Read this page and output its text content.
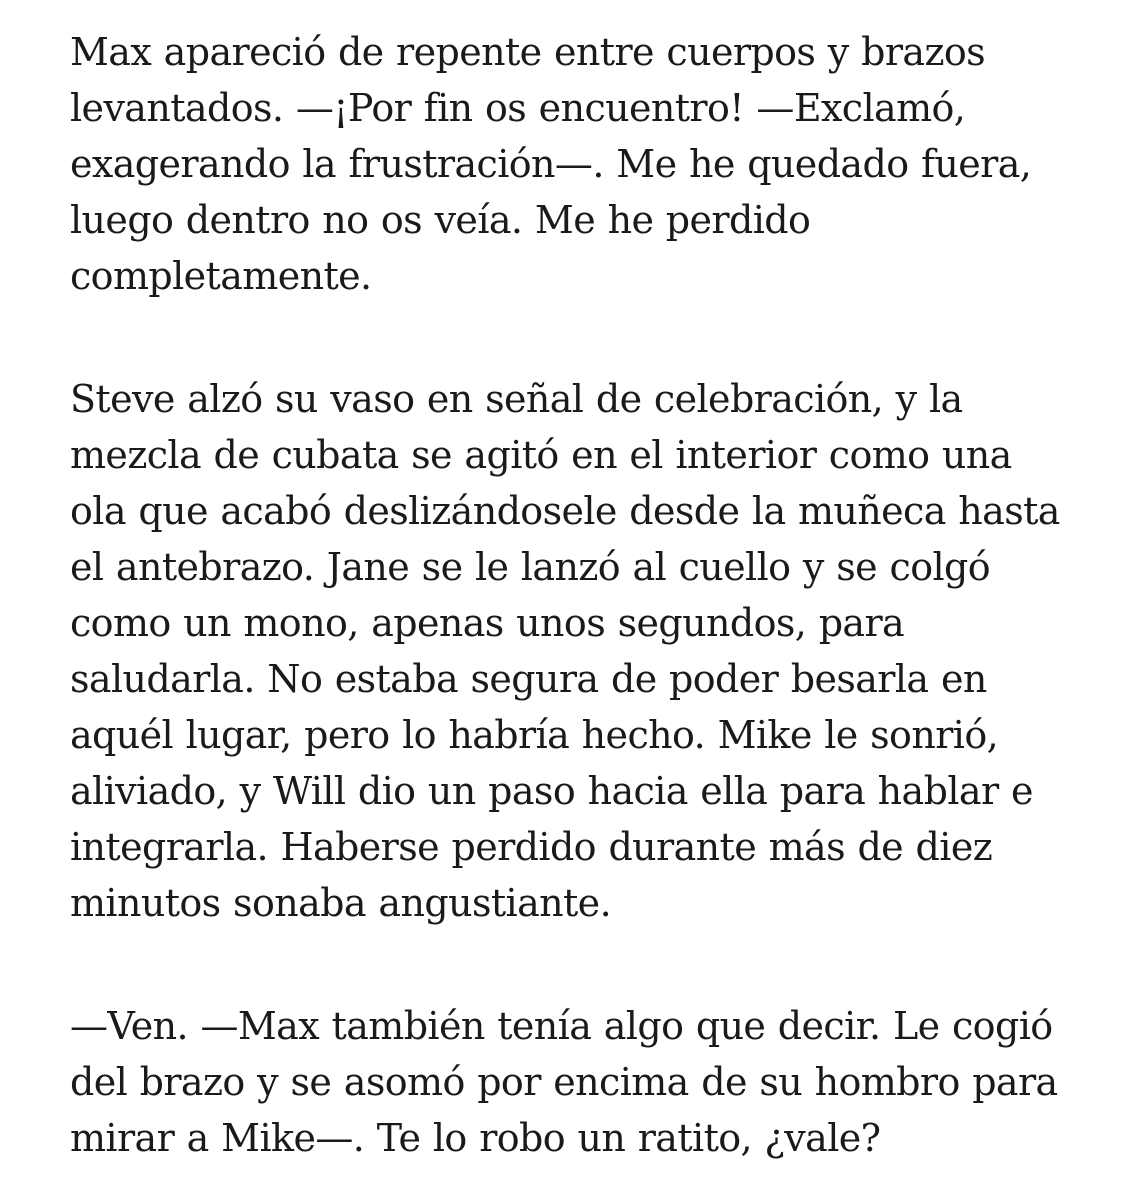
Max apareció de repente entre cuerpos y brazos
levantados. —¡Por fin os encuentro! —Exclamó,
exagerando la frustración—. Me he quedado fuera,
luego dentro no os veía. Me he perdido
completamente.
Steve alzó su vaso en señal de celebración, y la
mezcla de cubata se agitó en el interior como una
ola que acabó deslizándosele desde la muñeca hasta
el antebrazo. Jane se le lanzó al cuello y se colgó
como un mono, apenas unos segundos, para
saludarla. No estaba segura de poder besarla en
aquél lugar, pero lo habría hecho. Mike le sonrió,
aliviado, y Will dio un paso hacia ella para hablar e
integrarla. Haberse perdido durante más de diez
minutos sonaba angustiante.
—Ven. —Max también tenía algo que decir. Le cogió
del brazo y se asomó por encima de su hombro para
mirar a Mike—. Te lo robo un ratito, ¿vale?
